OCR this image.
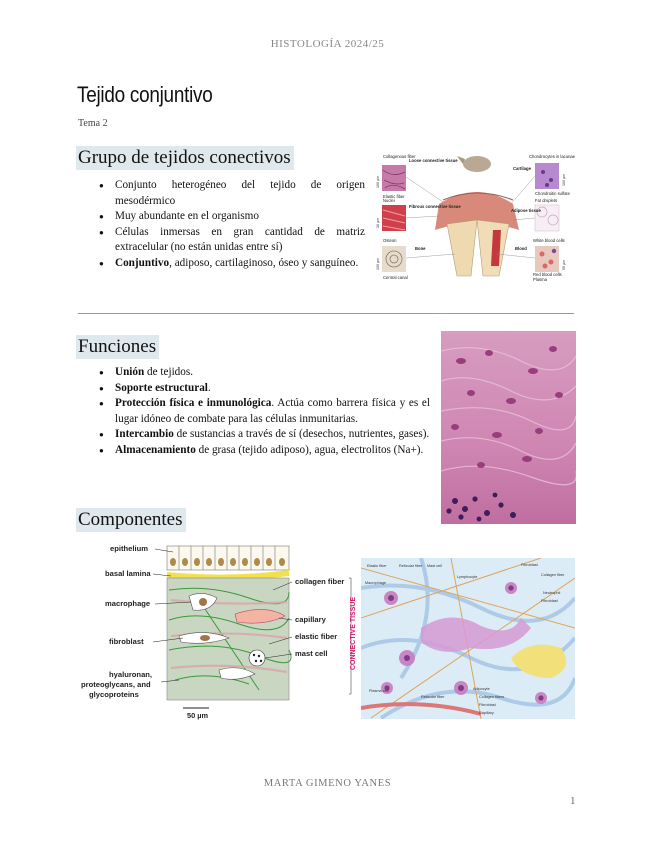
HISTOLOGÍA 2024/25
Tejido conjuntivo
Tema 2
Grupo de tejidos conectivos
● Conjunto heterogéneo del tejido de origen mesodérmico
● Muy abundante en el organismo
● Células inmersas en gran cantidad de matriz extracelular (no están unidas entre sí)
● Conjuntivo, adiposo, cartilaginoso, óseo y sanguíneo.
Collagenous fiber
Loose connective tissue
Elastic fiber
Nuclei
Fibrous connective tissue
Osteon
Bone
Central canal
Chondrocytes in lacunae
Cartilage
Chondroitin sulfate
Fat droplets
Adipose tissue
White blood cells
Blood
Red blood cells
Plasma
100 µm
30 µm
100 µm
100 µm
55 µm
Funciones
● Unión de tejidos.
● Soporte estructural.
● Protección física e inmunológica. Actúa como barrera física y es el lugar idóneo de combate para las células inmunitarias.
● Intercambio de sustancias a través de sí (desechos, nutrientes, gases).
● Almacenamiento de grasa (tejido adiposo), agua, electrolitos (Na+).
Componentes
epithelium
basal lamina
macrophage
fibroblast
hyaluronan,
proteoglycans, and
glycoproteins
collagen fiber
capillary
elastic fiber
mast cell	CONNECTIVE TISSUE
50 µm
Elastic fiber	Reticular fiber
Macrophage
Mast cell
Lymphocyte
Fibroblast
Collagen fiber
Neutrophil
Fibroblast
Plasma cell
Reticular fiber
Capillary
Adipocyte
Collagen fibers
Fibroblast
MARTA GIMENO YANES
1
